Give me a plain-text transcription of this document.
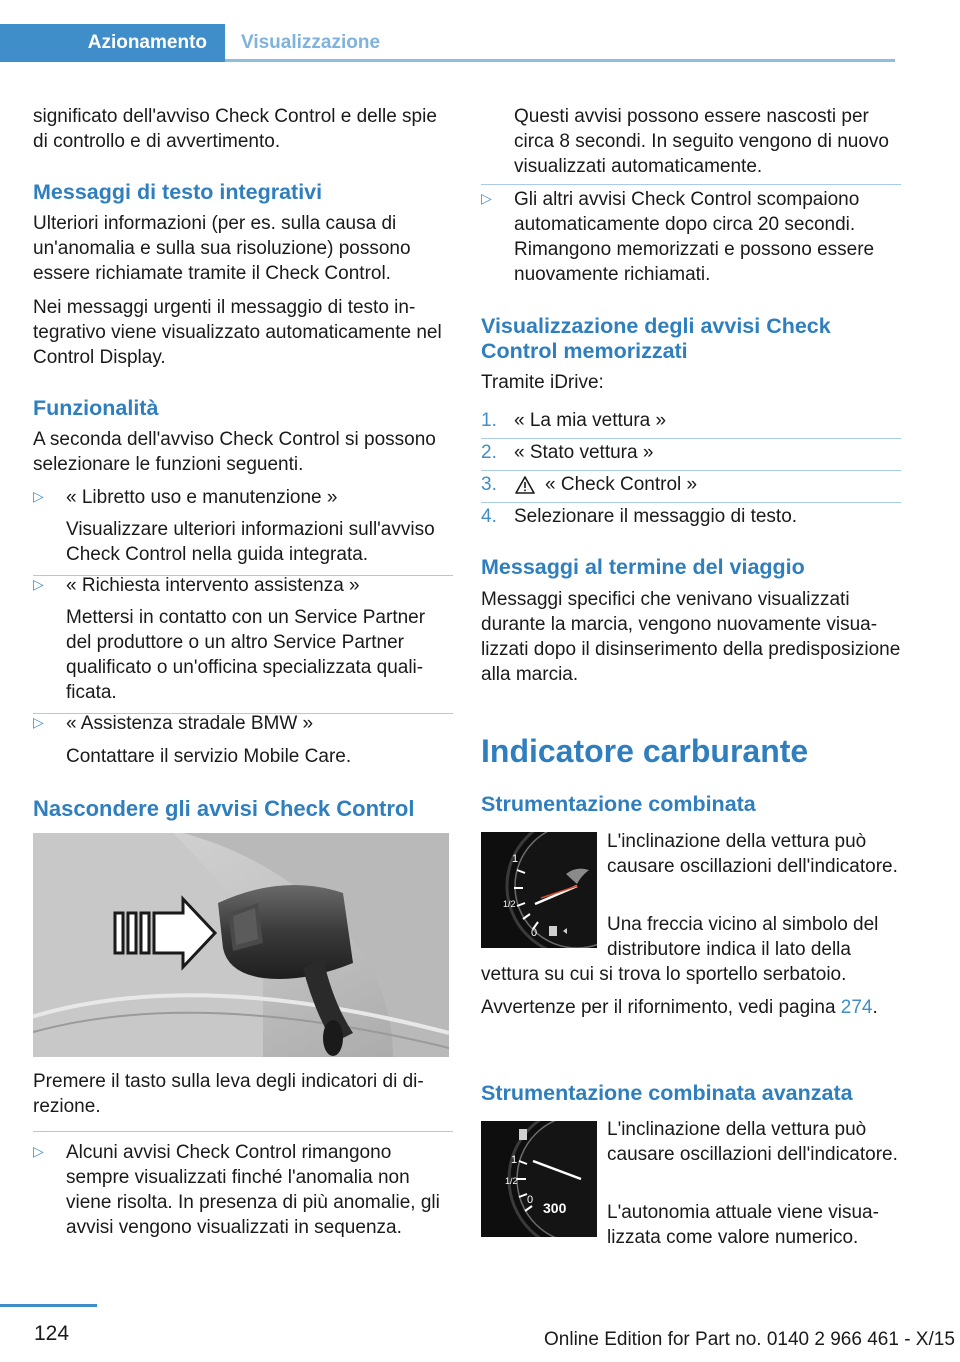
Azionamento	Visualizzazione
significato dell'avviso Check Control e delle spie di controllo e di avvertimento.
Messaggi di testo integrativi
Ulteriori informazioni (per es. sulla causa di un'anomalia e sulla sua risoluzione) possono essere richiamate tramite il Check Control.
Nei messaggi urgenti il messaggio di testo integrativo viene visualizzato automaticamente nel Control Display.
Funzionalità
A seconda dell'avviso Check Control si possono selezionare le funzioni seguenti.
▷	« Libretto uso e manutenzione »
Visualizzare ulteriori informazioni sull'avviso Check Control nella guida integrata.
▷	« Richiesta intervento assistenza »
Mettersi in contatto con un Service Partner del produttore o un altro Service Partner qualificato o un'officina specializzata qualificata.
▷	« Assistenza stradale BMW »
Contattare il servizio Mobile Care.
Nascondere gli avvisi Check Control
Premere il tasto sulla leva degli indicatori di direzione.
▷	Alcuni avvisi Check Control rimangono sempre visualizzati finché l'anomalia non viene risolta. In presenza di più anomalie, gli avvisi vengono visualizzati in sequenza.
Questi avvisi possono essere nascosti per circa 8 secondi. In seguito vengono di nuovo visualizzati automaticamente.
▷	Gli altri avvisi Check Control scompaiono automaticamente dopo circa 20 secondi. Rimangono memorizzati e possono essere nuovamente richiamati.
Visualizzazione degli avvisi Check Control memorizzati
Tramite iDrive:
1. « La mia vettura »
2. « Stato vettura »
3.	« Check Control »
4. Selezionare il messaggio di testo.
Messaggi al termine del viaggio
Messaggi specifici che venivano visualizzati durante la marcia, vengono nuovamente visualizzati dopo il disinserimento della predisposizione alla marcia.
Indicatore carburante
Strumentazione combinata
1
1/2
0
L'inclinazione della vettura può causare oscillazioni dell'indicatore.
Una freccia vicino al simbolo del distributore indica il lato della
vettura su cui si trova lo sportello serbatoio.
Avvertenze per il rifornimento, vedi pagina 274.
Strumentazione combinata avanzata
1
1/2
0 300
L'inclinazione della vettura può causare oscillazioni dell'indicatore.
L'autonomia attuale viene visualizzata come valore numerico.
124	Online Edition for Part no. 0140 2 966 461 - X/15
